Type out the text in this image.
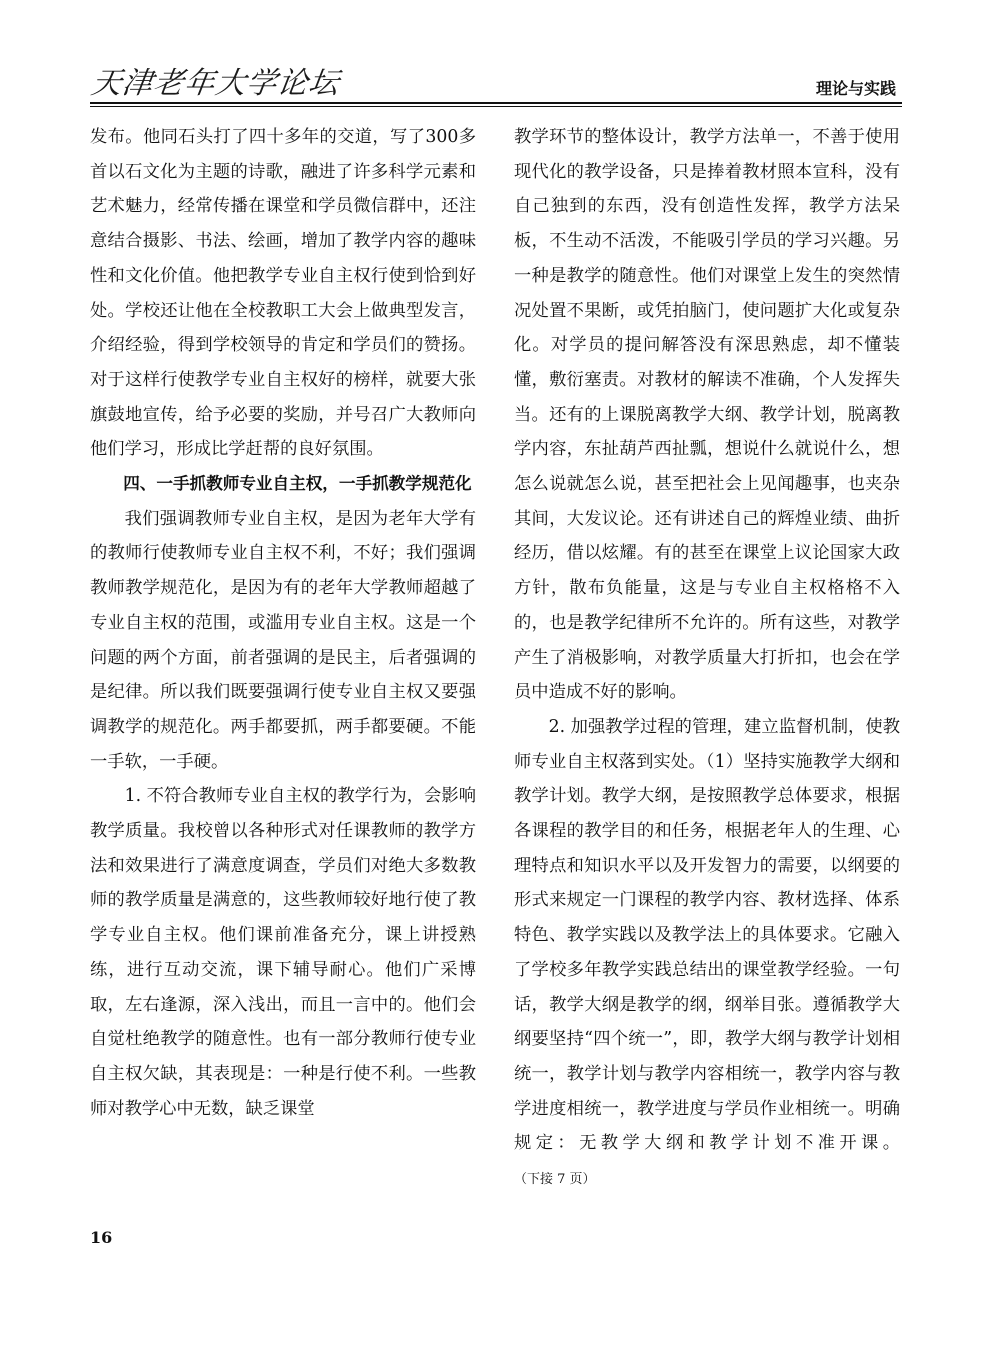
天津老年大学论坛	理论与实践

发布。他同石头打了四十多年的交道，写了300多首以石文化为主题的诗歌，融进了许多科学元素和艺术魅力，经常传播在课堂和学员微信群中，还注意结合摄影、书法、绘画，增加了教学内容的趣味性和文化价值。他把教学专业自主权行使到恰到好处。学校还让他在全校教职工大会上做典型发言，介绍经验，得到学校领导的肯定和学员们的赞扬。对于这样行使教学专业自主权好的榜样，就要大张旗鼓地宣传，给予必要的奖励，并号召广大教师向他们学习，形成比学赶帮的良好氛围。

四、一手抓教师专业自主权，一手抓教学规范化

我们强调教师专业自主权，是因为老年大学有的教师行使教师专业自主权不利，不好；我们强调教师教学规范化，是因为有的老年大学教师超越了专业自主权的范围，或滥用专业自主权。这是一个问题的两个方面，前者强调的是民主，后者强调的是纪律。所以我们既要强调行使专业自主权又要强调教学的规范化。两手都要抓，两手都要硬。不能一手软，一手硬。

1. 不符合教师专业自主权的教学行为，会影响教学质量。我校曾以各种形式对任课教师的教学方法和效果进行了满意度调查，学员们对绝大多数教师的教学质量是满意的，这些教师较好地行使了教学专业自主权。他们课前准备充分，课上讲授熟练，进行互动交流，课下辅导耐心。他们广采博取，左右逢源，深入浅出，而且一言中的。他们会自觉杜绝教学的随意性。也有一部分教师行使专业自主权欠缺，其表现是：一种是行使不利。一些教师对教学心中无数，缺乏课堂

教学环节的整体设计，教学方法单一，不善于使用现代化的教学设备，只是捧着教材照本宣科，没有自己独到的东西，没有创造性发挥，教学方法呆板，不生动不活泼，不能吸引学员的学习兴趣。另一种是教学的随意性。他们对课堂上发生的突然情况处置不果断，或凭拍脑门，使问题扩大化或复杂化。对学员的提问解答没有深思熟虑，却不懂装懂，敷衍塞责。对教材的解读不准确，个人发挥失当。还有的上课脱离教学大纲、教学计划，脱离教学内容，东扯葫芦西扯瓢，想说什么就说什么，想怎么说就怎么说，甚至把社会上见闻趣事，也夹杂其间，大发议论。还有讲述自己的辉煌业绩、曲折经历，借以炫耀。有的甚至在课堂上议论国家大政方针，散布负能量，这是与专业自主权格格不入的，也是教学纪律所不允许的。所有这些，对教学产生了消极影响，对教学质量大打折扣，也会在学员中造成不好的影响。

2. 加强教学过程的管理，建立监督机制，使教师专业自主权落到实处。（1）坚持实施教学大纲和教学计划。教学大纲，是按照教学总体要求，根据各课程的教学目的和任务，根据老年人的生理、心理特点和知识水平以及开发智力的需要，以纲要的形式来规定一门课程的教学内容、教材选择、体系特色、教学实践以及教学法上的具体要求。它融入了学校多年教学实践总结出的课堂教学经验。一句话，教学大纲是教学的纲，纲举目张。遵循教学大纲要坚持“四个统一”，即，教学大纲与教学计划相统一，教学计划与教学内容相统一，教学内容与教学进度相统一，教学进度与学员作业相统一。明确规定：无教学大纲和教学计划不准开课。（下接 7 页）

16
